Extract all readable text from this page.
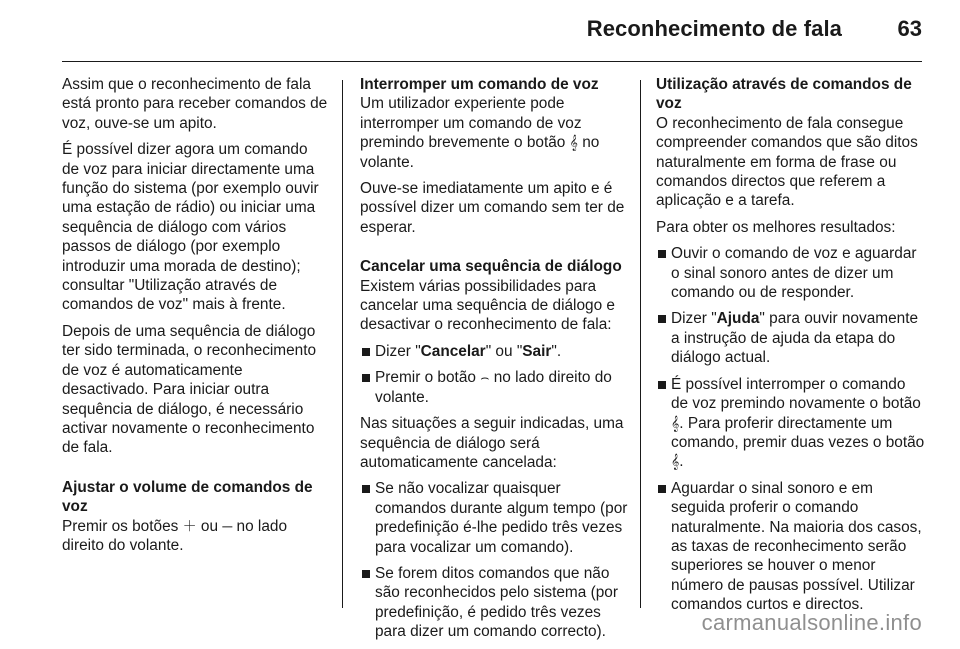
Reconhecimento de fala	63

Assim que o reconhecimento de fala está pronto para receber comandos de voz, ouve-se um apito.

É possível dizer agora um comando de voz para iniciar directamente uma função do sistema (por exemplo ouvir uma estação de rádio) ou iniciar uma sequência de diálogo com vários passos de diálogo (por exemplo introduzir uma morada de destino); consultar "Utilização através de comandos de voz" mais à frente.

Depois de uma sequência de diálogo ter sido terminada, o reconhecimento de voz é automaticamente desactivado. Para iniciar outra sequência de diálogo, é necessário activar novamente o reconhecimento de fala.

Ajustar o volume de comandos de voz

Premir os botões ＋ ou ─ no lado direito do volante.

Interromper um comando de voz

Um utilizador experiente pode interromper um comando de voz premindo brevemente o botão 𝄞 no volante.

Ouve-se imediatamente um apito e é possível dizer um comando sem ter de esperar.

Cancelar uma sequência de diálogo

Existem várias possibilidades para cancelar uma sequência de diálogo e desactivar o reconhecimento de fala:

Dizer "Cancelar" ou "Sair".
Premir o botão ⌢ no lado direito do volante.

Nas situações a seguir indicadas, uma sequência de diálogo será automaticamente cancelada:

Se não vocalizar quaisquer comandos durante algum tempo (por predefinição é-lhe pedido três vezes para vocalizar um comando).
Se forem ditos comandos que não são reconhecidos pelo sistema (por predefinição, é pedido três vezes para dizer um comando correcto).
Utilização através de comandos de voz

O reconhecimento de fala consegue compreender comandos que são ditos naturalmente em forma de frase ou comandos directos que referem a aplicação e a tarefa.

Para obter os melhores resultados:

Ouvir o comando de voz e aguardar o sinal sonoro antes de dizer um comando ou de responder.
Dizer "Ajuda" para ouvir novamente a instrução de ajuda da etapa do diálogo actual.
É possível interromper o comando de voz premindo novamente o botão 𝄞. Para proferir directamente um comando, premir duas vezes o botão 𝄞.
Aguardar o sinal sonoro e em seguida proferir o comando naturalmente. Na maioria dos casos, as taxas de reconhecimento serão superiores se houver o menor número de pausas possível. Utilizar comandos curtos e directos.
carmanualsonline.info
